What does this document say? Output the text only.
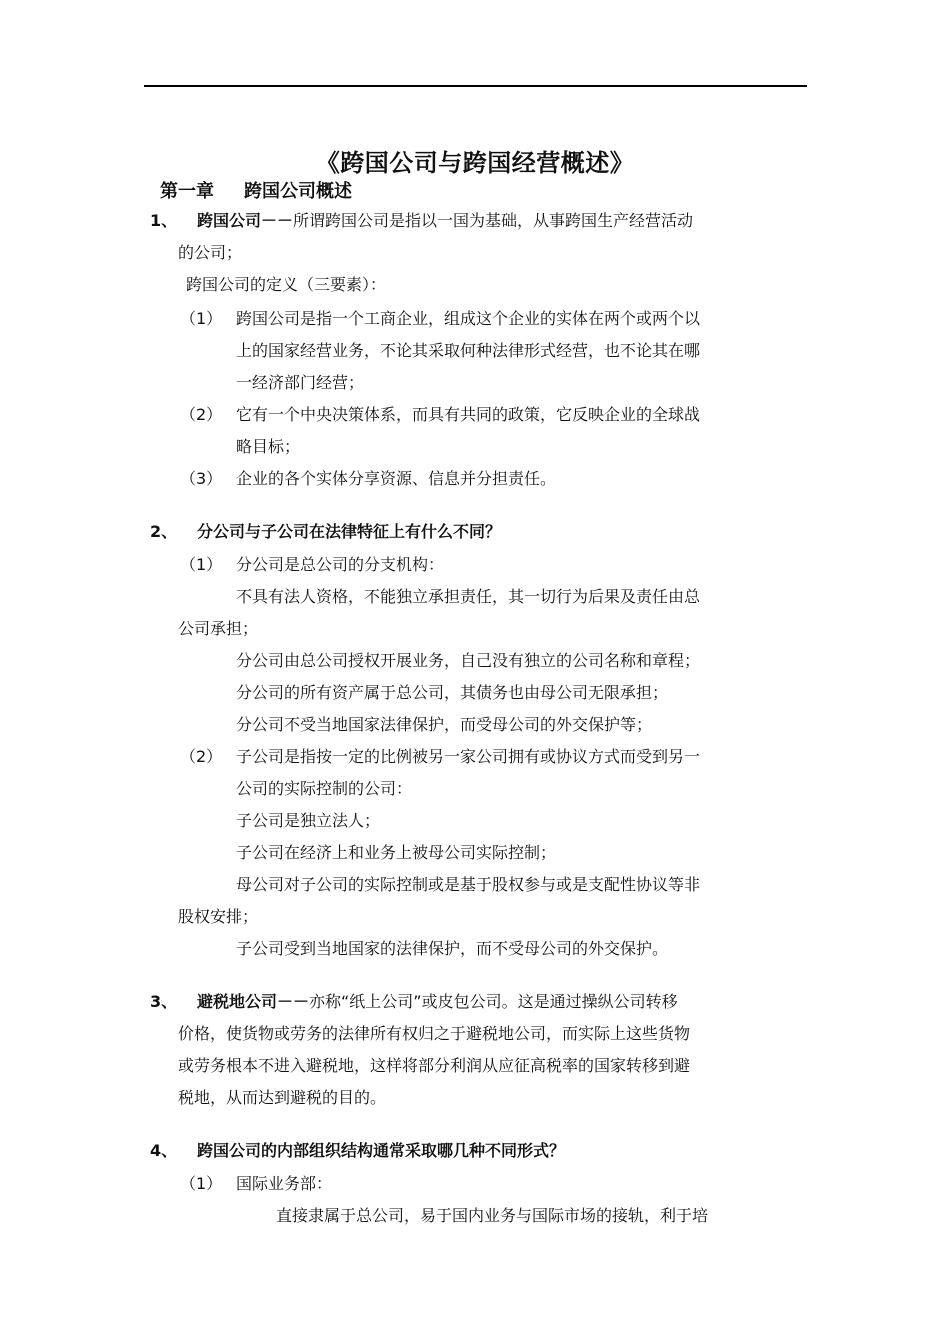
《跨国公司与跨国经营概述》
第一章 跨国公司概述
1、 跨国公司－－所谓跨国公司是指以一国为基础，从事跨国生产经营活动
的公司；
跨国公司的定义（三要素）：
（1） 跨国公司是指一个工商企业，组成这个企业的实体在两个或两个以
上的国家经营业务，不论其采取何种法律形式经营，也不论其在哪
一经济部门经营；
（2） 它有一个中央决策体系，而具有共同的政策，它反映企业的全球战
略目标；
（3） 企业的各个实体分享资源、信息并分担责任。
2、 分公司与子公司在法律特征上有什么不同？
（1） 分公司是总公司的分支机构：
不具有法人资格，不能独立承担责任，其一切行为后果及责任由总
公司承担；
分公司由总公司授权开展业务，自己没有独立的公司名称和章程；
分公司的所有资产属于总公司，其债务也由母公司无限承担；
分公司不受当地国家法律保护，而受母公司的外交保护等；
（2） 子公司是指按一定的比例被另一家公司拥有或协议方式而受到另一
公司的实际控制的公司：
子公司是独立法人；
子公司在经济上和业务上被母公司实际控制；
母公司对子公司的实际控制或是基于股权参与或是支配性协议等非
股权安排；
子公司受到当地国家的法律保护，而不受母公司的外交保护。
3、 避税地公司－－亦称“纸上公司”或皮包公司。这是通过操纵公司转移
价格，使货物或劳务的法律所有权归之于避税地公司，而实际上这些货物
或劳务根本不进入避税地，这样将部分利润从应征高税率的国家转移到避
税地，从而达到避税的目的。
4、 跨国公司的内部组织结构通常采取哪几种不同形式？
（1） 国际业务部：
直接隶属于总公司，易于国内业务与国际市场的接轨，利于培
